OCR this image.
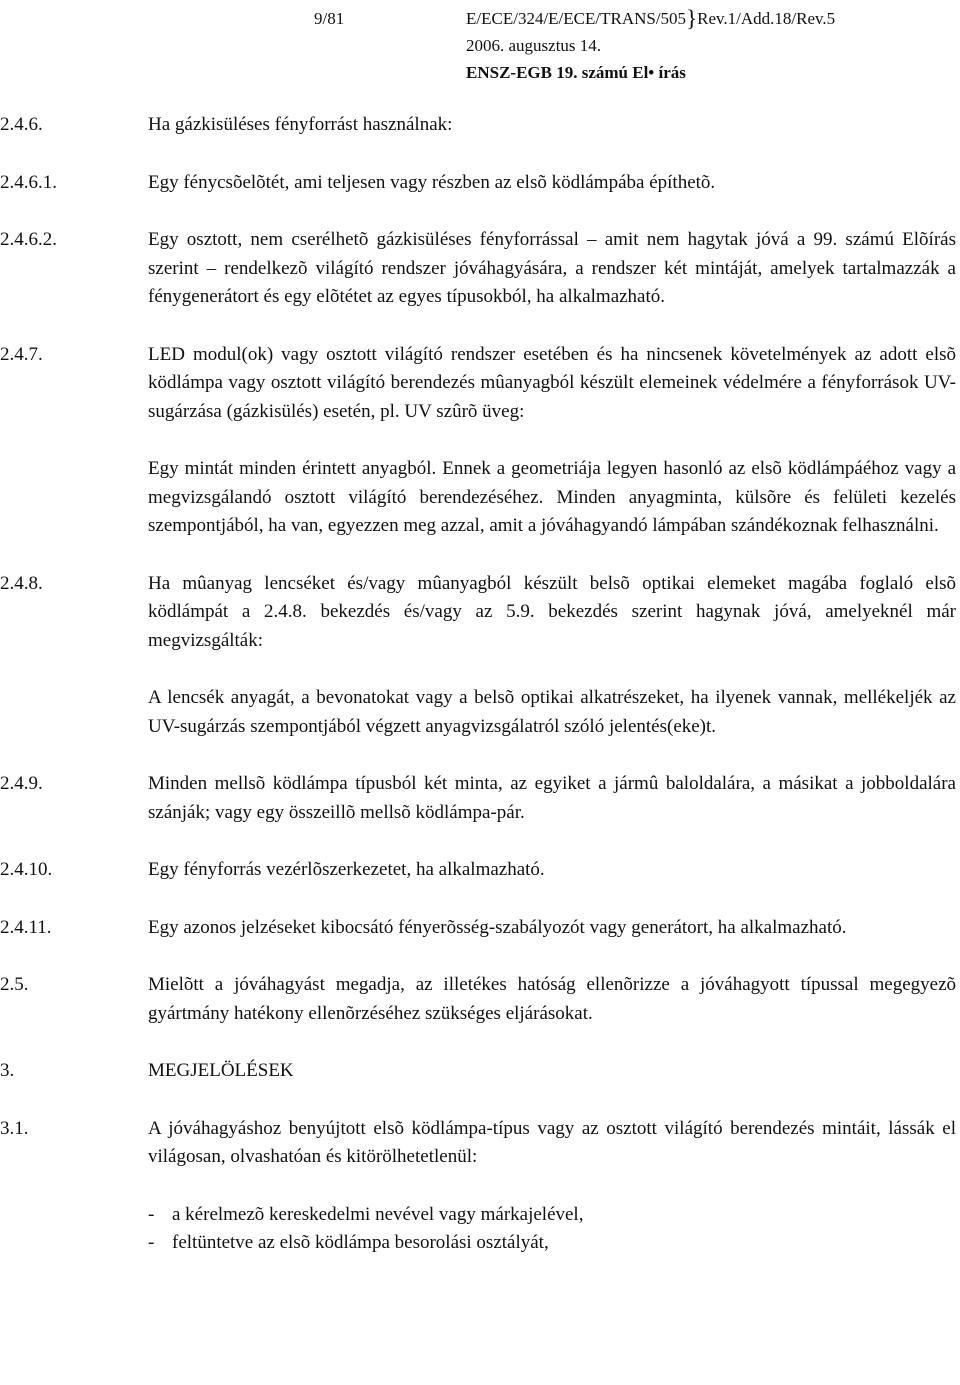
9/81	E/ECE/324/E/ECE/TRANS/505}Rev.1/Add.18/Rev.5
2006. augusztus 14.
ENSZ-EGB 19. számú El• írás
2.4.6.	Ha gázkisüléses fényforrást használnak:

2.4.6.1.	Egy fénycsõelõtét, ami teljesen vagy részben az elsõ ködlámpába építhetõ.

2.4.6.2.	Egy osztott, nem cserélhetõ gázkisüléses fényforrással – amit nem hagytak jóvá a 99. számú Elõírás szerint – rendelkezõ világító rendszer jóváhagyására, a rendszer két mintáját, amelyek tartalmazzák a fénygenerátort és egy elõtétet az egyes típusokból, ha alkalmazható.

2.4.7.	LED modul(ok) vagy osztott világító rendszer esetében és ha nincsenek követelmények az adott elsõ ködlámpa vagy osztott világító berendezés mûanyagból készült elemeinek védelmére a fényforrások UV-sugárzása (gázkisülés) esetén, pl. UV szûrõ üveg:

Egy mintát minden érintett anyagból. Ennek a geometriája legyen hasonló az elsõ ködlámpáéhoz vagy a megvizsgálandó osztott világító berendezéséhez. Minden anyagminta, külsõre és felületi kezelés szempontjából, ha van, egyezzen meg azzal, amit a jóváhagyandó lámpában szándékoznak felhasználni.

2.4.8.	Ha mûanyag lencséket és/vagy mûanyagból készült belsõ optikai elemeket magába foglaló elsõ ködlámpát a 2.4.8. bekezdés és/vagy az 5.9. bekezdés szerint hagynak jóvá, amelyeknél már megvizsgálták:

A lencsék anyagát, a bevonatokat vagy a belsõ optikai alkatrészeket, ha ilyenek vannak, mellékeljék az UV-sugárzás szempontjából végzett anyagvizsgálatról szóló jelentés(eke)t.

2.4.9.	Minden mellsõ ködlámpa típusból két minta, az egyiket a jármû baloldalára, a másikat a jobboldalára szánják; vagy egy összeillõ mellsõ ködlámpa-pár.

2.4.10.	Egy fényforrás vezérlõszerkezetet, ha alkalmazható.

2.4.11.	Egy azonos jelzéseket kibocsátó fényerõsség-szabályozót vagy generátort, ha alkalmazható.

2.5.	Mielõtt a jóváhagyást megadja, az illetékes hatóság ellenõrizze a jóváhagyott típussal megegyezõ gyártmány hatékony ellenõrzéséhez szükséges eljárásokat.

3.	MEGJELÖLÉSEK

3.1.	A jóváhagyáshoz benyújtott elsõ ködlámpa-típus vagy az osztott világító berendezés mintáit, lássák el világosan, olvashatóan és kitörölhetetlenül:

- a kérelmezõ kereskedelmi nevével vagy márkajelével,
- feltüntetve az elsõ ködlámpa besorolási osztályát,
